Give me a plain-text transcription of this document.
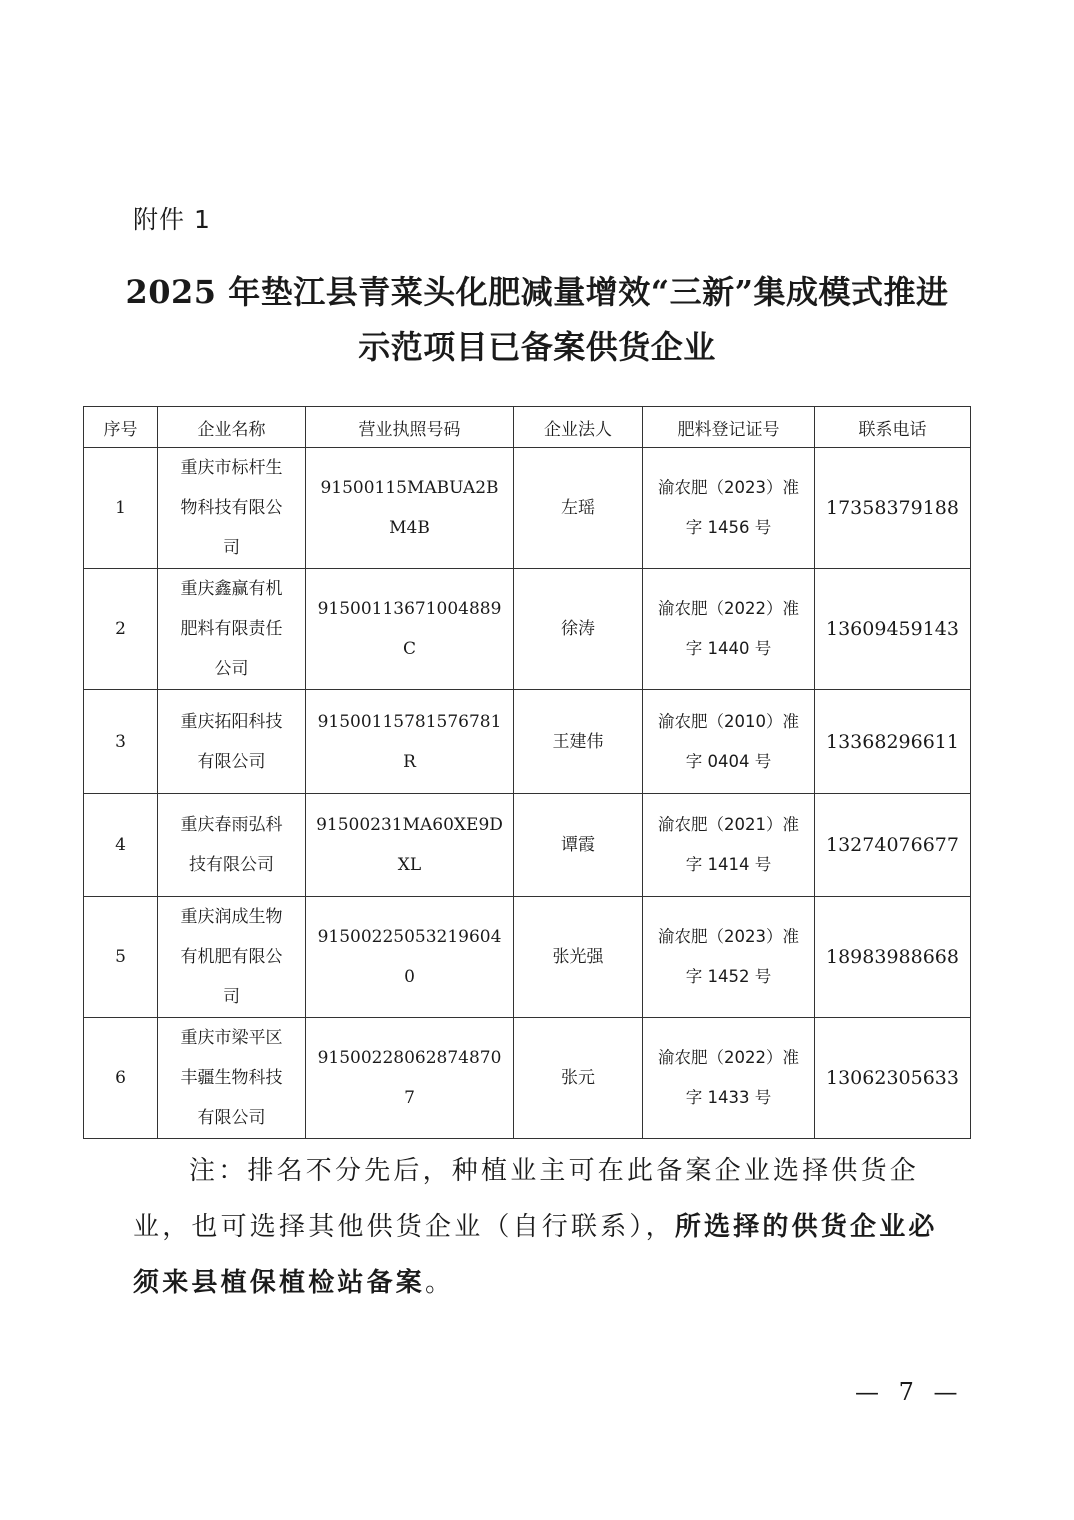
附件 1
2025 年垫江县青菜头化肥减量增效“三新”集成模式推进
示范项目已备案供货企业
序号	企业名称	营业执照号码	企业法人	肥料登记证号	联系电话
1	重庆市标杆生物科技有限公司	91500115MABUA2BM4B	左瑶	渝农肥（2023）准字 1456 号	17358379188
2	重庆鑫赢有机肥料有限责任公司	91500113671004889C	徐涛	渝农肥（2022）准字 1440 号	13609459143
3	重庆拓阳科技有限公司	91500115781576781R	王建伟	渝农肥（2010）准字 0404 号	13368296611
4	重庆春雨弘科技有限公司	91500231MA60XE9DXL	谭霞	渝农肥（2021）准字 1414 号	13274076677
5	重庆润成生物有机肥有限公司	915002250532196040	张光强	渝农肥（2023）准字 1452 号	18983988668
6	重庆市梁平区丰疆生物科技有限公司	915002280628748707	张元	渝农肥（2022）准字 1433 号	13062305633
注：排名不分先后，种植业主可在此备案企业选择供货企业，也可选择其他供货企业（自行联系），所选择的供货企业必须来县植保植检站备案。
— 7 —
